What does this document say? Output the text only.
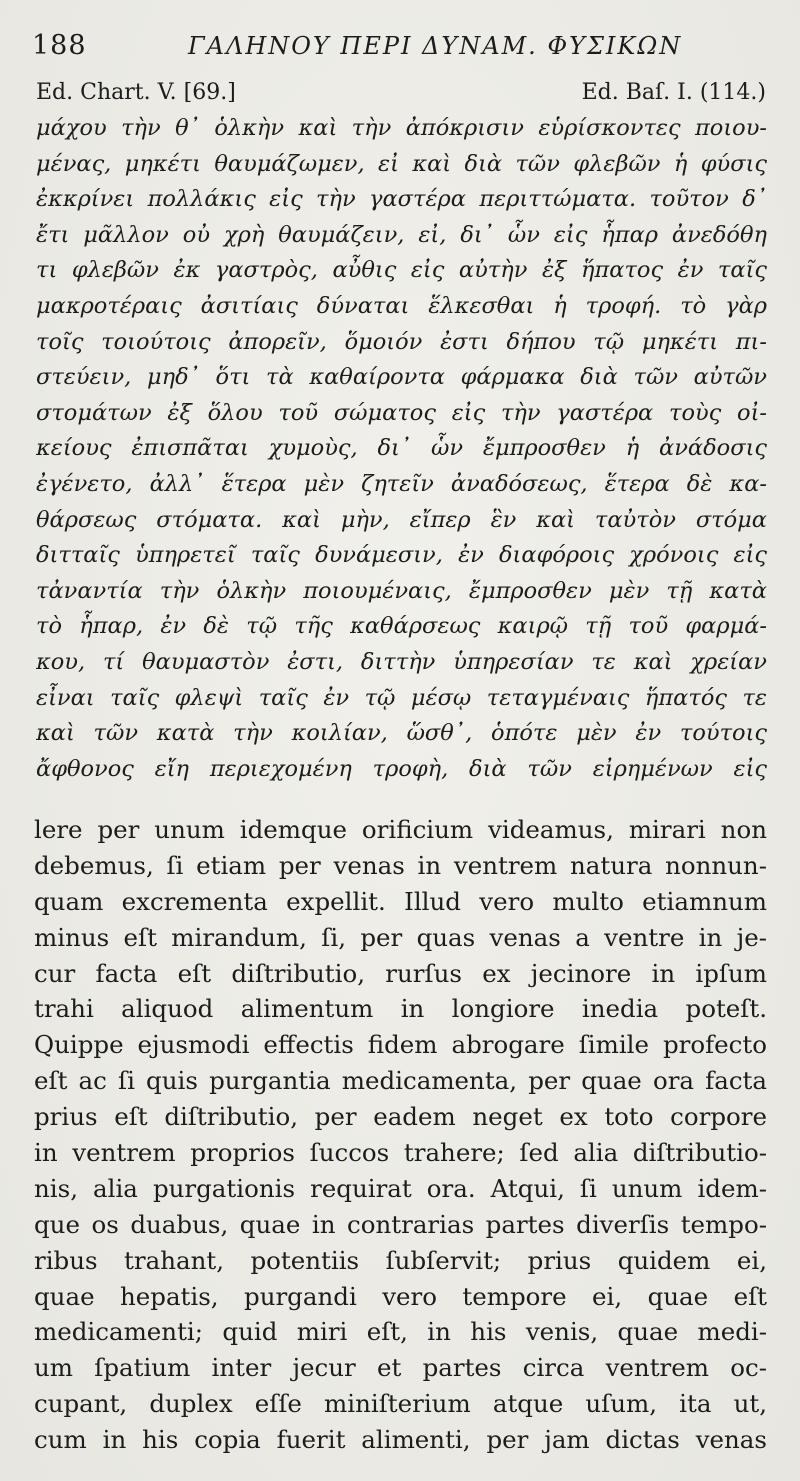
188	ΓΑΛΗΝΟΥ ΠΕΡΙ ΔΥΝΑΜ. ΦΥΣΙΚΩΝ
Ed. Chart. V. [69.]	Ed. Baſ. I. (114.)
μάχου τὴν θ᾽ ὁλκὴν καὶ τὴν ἀπόκρισιν εὑρίσκοντες ποιου-
μένας, μηκέτι θαυμάζωμεν, εἰ καὶ διὰ τῶν φλεβῶν ἡ φύσις
ἐκκρίνει πολλάκις εἰς τὴν γαστέρα περιττώματα. τοῦτον δ᾽
ἔτι μᾶλλον οὐ χρὴ θαυμάζειν, εἰ, δι᾽ ὧν εἰς ἧπαρ ἀνεδόθη
τι φλεβῶν ἐκ γαστρὸς, αὖθις εἰς αὐτὴν ἐξ ἥπατος ἐν ταῖς
μακροτέραις ἀσιτίαις δύναται ἕλκεσθαι ἡ τροφή. τὸ γὰρ
τοῖς τοιούτοις ἀπορεῖν, ὅμοιόν ἐστι δήπου τῷ μηκέτι πι-
στεύειν, μηδ᾽ ὅτι τὰ καθαίροντα φάρμακα διὰ τῶν αὐτῶν
στομάτων ἐξ ὅλου τοῦ σώματος εἰς τὴν γαστέρα τοὺς οἰ-
κείους ἐπισπᾶται χυμοὺς, δι᾽ ὧν ἔμπροσθεν ἡ ἀνάδοσις
ἐγένετο, ἀλλ᾽ ἕτερα μὲν ζητεῖν ἀναδόσεως, ἕτερα δὲ κα-
θάρσεως στόματα. καὶ μὴν, εἴπερ ἓν καὶ ταὐτὸν στόμα
διτταῖς ὑπηρετεῖ ταῖς δυνάμεσιν, ἐν διαφόροις χρόνοις εἰς
τἀναντία τὴν ὁλκὴν ποιουμέναις, ἔμπροσθεν μὲν τῇ κατὰ
τὸ ἧπαρ, ἐν δὲ τῷ τῆς καθάρσεως καιρῷ τῇ τοῦ φαρμά-
κου, τί θαυμαστὸν ἐστι, διττὴν ὑπηρεσίαν τε καὶ χρείαν
εἶναι ταῖς φλεψὶ ταῖς ἐν τῷ μέσῳ τεταγμέναις ἥπατός τε
καὶ τῶν κατὰ τὴν κοιλίαν, ὥσθ᾽, ὁπότε μὲν ἐν τούτοις
ἄφθονος εἴη περιεχομένη τροφὴ, διὰ τῶν εἰρημένων εἰς
lere per unum idemque orificium videamus, mirari non
debemus, ſi etiam per venas in ventrem natura nonnun-
quam excrementa expellit. Illud vero multo etiamnum
minus eſt mirandum, ſi, per quas venas a ventre in je-
cur facta eſt diſtributio, rurſus ex jecinore in ipſum
trahi aliquod alimentum in longiore inedia poteſt.
Quippe ejusmodi effectis fidem abrogare ſimile profecto
eſt ac ſi quis purgantia medicamenta, per quae ora facta
prius eſt diſtributio, per eadem neget ex toto corpore
in ventrem proprios ſuccos trahere; ſed alia diſtributio-
nis, alia purgationis requirat ora. Atqui, ſi unum idem-
que os duabus, quae in contrarias partes diverſis tempo-
ribus trahant, potentiis ſubſervit; prius quidem ei,
quae hepatis, purgandi vero tempore ei, quae eſt
medicamenti; quid miri eſt, in his venis, quae medi-
um ſpatium inter jecur et partes circa ventrem oc-
cupant, duplex eſſe miniſterium atque uſum, ita ut,
cum in his copia fuerit alimenti, per jam dictas venas
